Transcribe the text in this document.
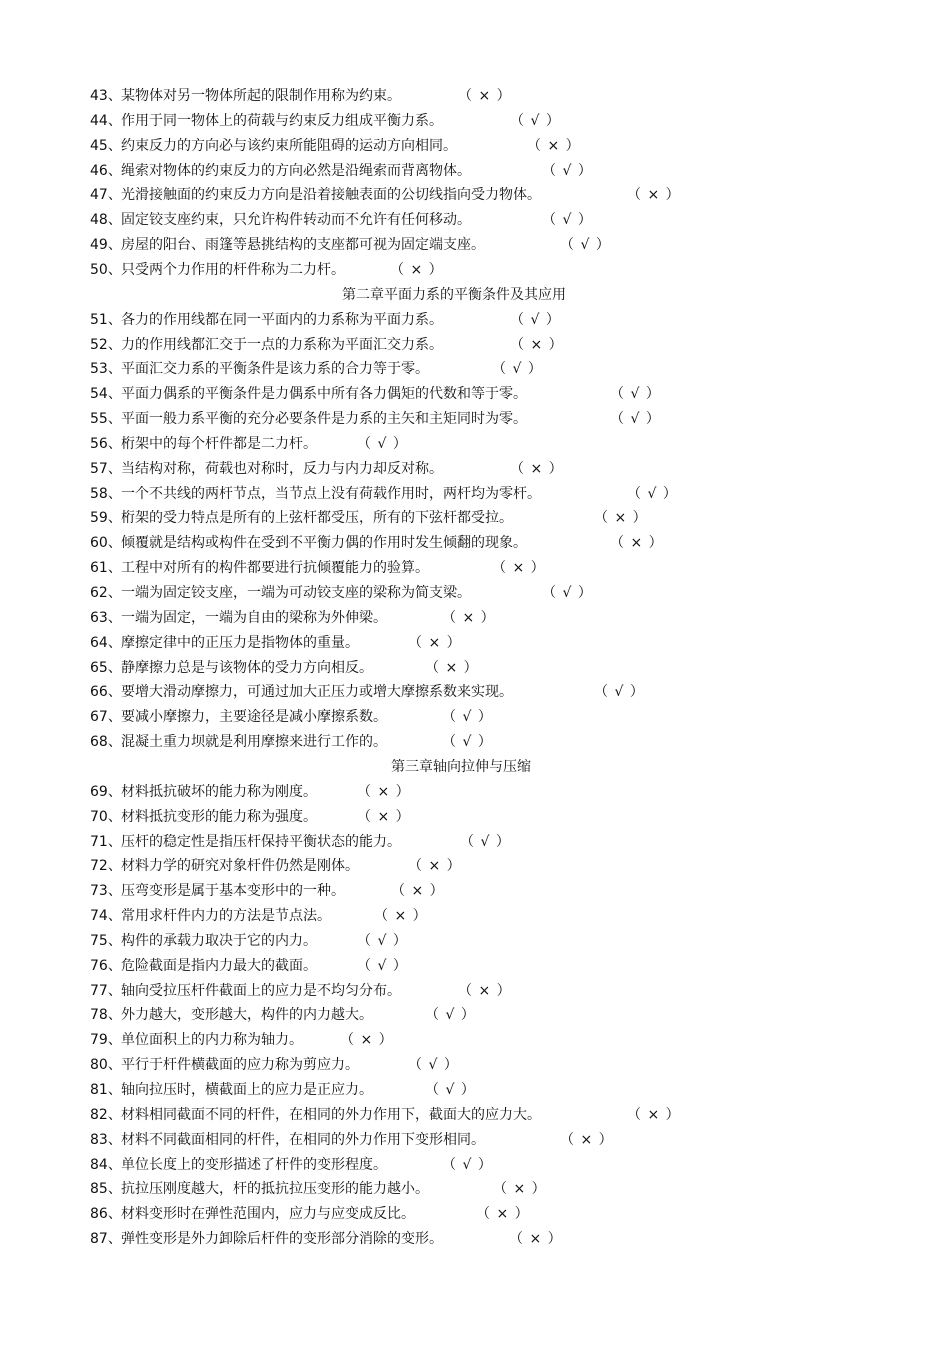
43、某物体对另一物体所起的限制作用称为约束。	（ × ）
44、作用于同一物体上的荷载与约束反力组成平衡力系。	（ √ ）
45、约束反力的方向必与该约束所能阻碍的运动方向相同。	（ × ）
46、绳索对物体的约束反力的方向必然是沿绳索而背离物体。	（ √ ）
47、光滑接触面的约束反力方向是沿着接触表面的公切线指向受力物体。	（ × ）
48、固定铰支座约束，只允许构件转动而不允许有任何移动。	（ √ ）
49、房屋的阳台、雨篷等悬挑结构的支座都可视为固定端支座。	（ √ ）
50、只受两个力作用的杆件称为二力杆。	（ × ）
第二章平面力系的平衡条件及其应用
51、各力的作用线都在同一平面内的力系称为平面力系。	（ √ ）
52、力的作用线都汇交于一点的力系称为平面汇交力系。	（ × ）
53、平面汇交力系的平衡条件是该力系的合力等于零。	（ √ ）
54、平面力偶系的平衡条件是力偶系中所有各力偶矩的代数和等于零。	（ √ ）
55、平面一般力系平衡的充分必要条件是力系的主矢和主矩同时为零。	（ √ ）
56、桁架中的每个杆件都是二力杆。	（ √ ）
57、当结构对称，荷载也对称时，反力与内力却反对称。	（ × ）
58、一个不共线的两杆节点，当节点上没有荷载作用时，两杆均为零杆。	（ √ ）
59、桁架的受力特点是所有的上弦杆都受压，所有的下弦杆都受拉。	（ × ）
60、倾覆就是结构或构件在受到不平衡力偶的作用时发生倾翻的现象。	（ × ）
61、工程中对所有的构件都要进行抗倾覆能力的验算。	（ × ）
62、一端为固定铰支座，一端为可动铰支座的梁称为简支梁。	（ √ ）
63、一端为固定，一端为自由的梁称为外伸梁。	（ × ）
64、摩擦定律中的正压力是指物体的重量。	（ × ）
65、静摩擦力总是与该物体的受力方向相反。	（ × ）
66、要增大滑动摩擦力，可通过加大正压力或增大摩擦系数来实现。	（ √ ）
67、要减小摩擦力，主要途径是减小摩擦系数。	（ √ ）
68、混凝土重力坝就是利用摩擦来进行工作的。	（ √ ）
第三章轴向拉伸与压缩
69、材料抵抗破坏的能力称为刚度。	（ × ）
70、材料抵抗变形的能力称为强度。	（ × ）
71、压杆的稳定性是指压杆保持平衡状态的能力。	（ √ ）
72、材料力学的研究对象杆件仍然是刚体。	（ × ）
73、压弯变形是属于基本变形中的一种。	（ × ）
74、常用求杆件内力的方法是节点法。	（ × ）
75、构件的承载力取决于它的内力。	（ √ ）
76、危险截面是指内力最大的截面。	（ √ ）
77、轴向受拉压杆件截面上的应力是不均匀分布。	（ × ）
78、外力越大，变形越大，构件的内力越大。	（ √ ）
79、单位面积上的内力称为轴力。	（ × ）
80、平行于杆件横截面的应力称为剪应力。	（ √ ）
81、轴向拉压时，横截面上的应力是正应力。	（ √ ）
82、材料相同截面不同的杆件，在相同的外力作用下，截面大的应力大。	（ × ）
83、材料不同截面相同的杆件，在相同的外力作用下变形相同。	（ × ）
84、单位长度上的变形描述了杆件的变形程度。	（ √ ）
85、抗拉压刚度越大，杆的抵抗拉压变形的能力越小。	（ × ）
86、材料变形时在弹性范围内，应力与应变成反比。	（ × ）
87、弹性变形是外力卸除后杆件的变形部分消除的变形。	（ × ）
